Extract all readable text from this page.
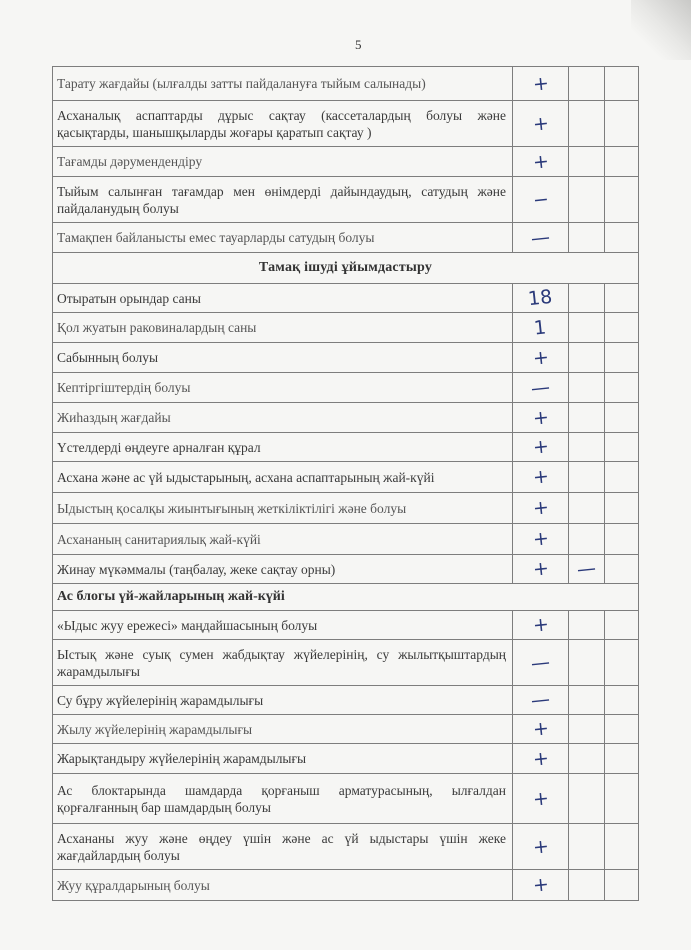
5
Тарату жағдайы (ылғалды затты пайдалануға тыйым салынады)	+		
Асханалық аспаптарды дұрыс сақтау (кассеталардың болуы және қасықтарды, шанышқыларды жоғары қаратып сақтау )	+		
Тағамды дәрумендендіру	+		
Тыйым салынған тағамдар мен өнімдерді дайындаудың, сатудың және пайдаланудың болуы	−		
Тамақпен байланысты емес тауарларды сатудың болуы	—		
Тамақ ішуді ұйымдастыру			
Отыратын орындар саны	18		
Қол жуатын раковиналардың саны	1		
Сабынның болуы	+		
Кептіргіштердің болуы	—		
Жиһаздың жағдайы	+		
Үстелдерді өңдеуге арналған құрал	+		
Асхана және ас үй ыдыстарының, асхана аспаптарының жай-күйі	+		
Ыдыстың қосалқы жиынтығының жеткіліктілігі және болуы	+		
Асхананың санитариялық жай-күйі	+		
Жинау мүкәммалы (таңбалау, жеке сақтау орны)	+	—	
Ас блогы үй-жайларының жай-күйі			
«Ыдыс жуу ережесі» маңдайшасының болуы	+		
Ыстық және суық сумен жабдықтау жүйелерінің, су жылытқыштардың жарамдылығы	—		
Су бұру жүйелерінің жарамдылығы	—		
Жылу жүйелерінің жарамдылығы	+		
Жарықтандыру жүйелерінің жарамдылығы	+		
Ас блоктарында шамдарда қорғаныш арматурасының, ылғалдан қорғалғанның бар шамдардың болуы	+		
Асхананы жуу және өңдеу үшін және ас үй ыдыстары үшін жеке жағдайлардың болуы	+		
Жуу құралдарының болуы	+		
